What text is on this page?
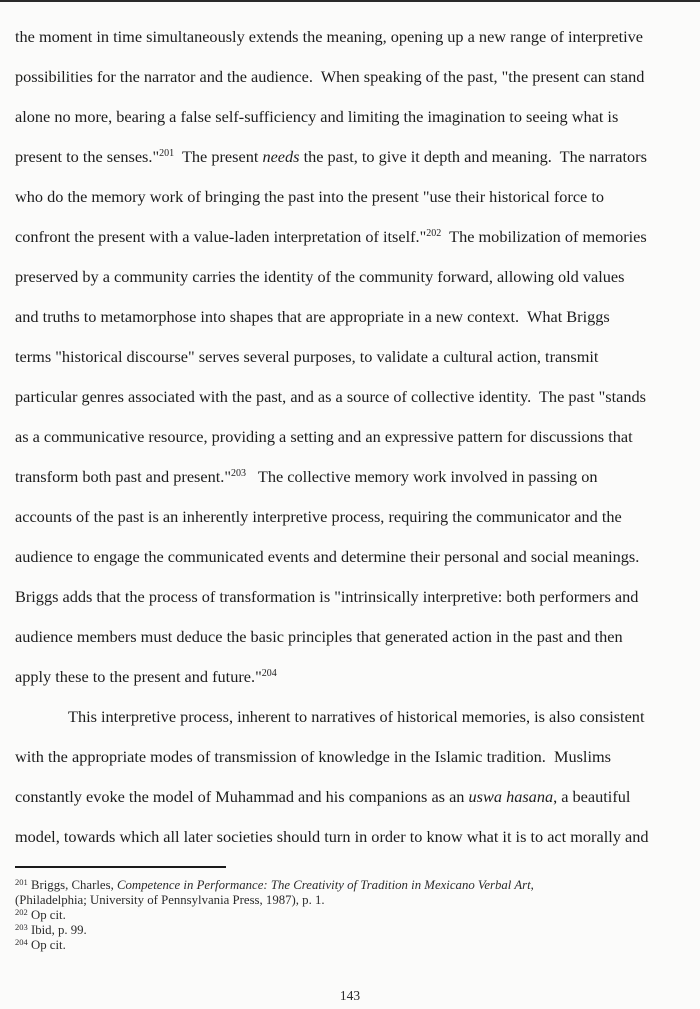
the moment in time simultaneously extends the meaning, opening up a new range of interpretive
possibilities for the narrator and the audience.  When speaking of the past, "the present can stand
alone no more, bearing a false self-sufficiency and limiting the imagination to seeing what is
present to the senses."$^{201}$  The present needs the past, to give it depth and meaning.  The narrators
who do the memory work of bringing the past into the present "use their historical force to
confront the present with a value-laden interpretation of itself."$^{202}$  The mobilization of memories
preserved by a community carries the identity of the community forward, allowing old values
and truths to metamorphose into shapes that are appropriate in a new context.  What Briggs
terms "historical discourse" serves several purposes, to validate a cultural action, transmit
particular genres associated with the past, and as a source of collective identity.  The past "stands
as a communicative resource, providing a setting and an expressive pattern for discussions that
transform both past and present."$^{203}$   The collective memory work involved in passing on
accounts of the past is an inherently interpretive process, requiring the communicator and the
audience to engage the communicated events and determine their personal and social meanings.
Briggs adds that the process of transformation is "intrinsically interpretive: both performers and
audience members must deduce the basic principles that generated action in the past and then
apply these to the present and future."$^{204}$
This interpretive process, inherent to narratives of historical memories, is also consistent
with the appropriate modes of transmission of knowledge in the Islamic tradition.  Muslims
constantly evoke the model of Muhammad and his companions as an uswa hasana, a beautiful
model, towards which all later societies should turn in order to know what it is to act morally and
$^{201}$ Briggs, Charles, Competence in Performance: The Creativity of Tradition in Mexicano Verbal Art,
(Philadelphia; University of Pennsylvania Press, 1987), p. 1.
$^{202}$ Op cit.
$^{203}$ Ibid, p. 99.
$^{204}$ Op cit.
143
